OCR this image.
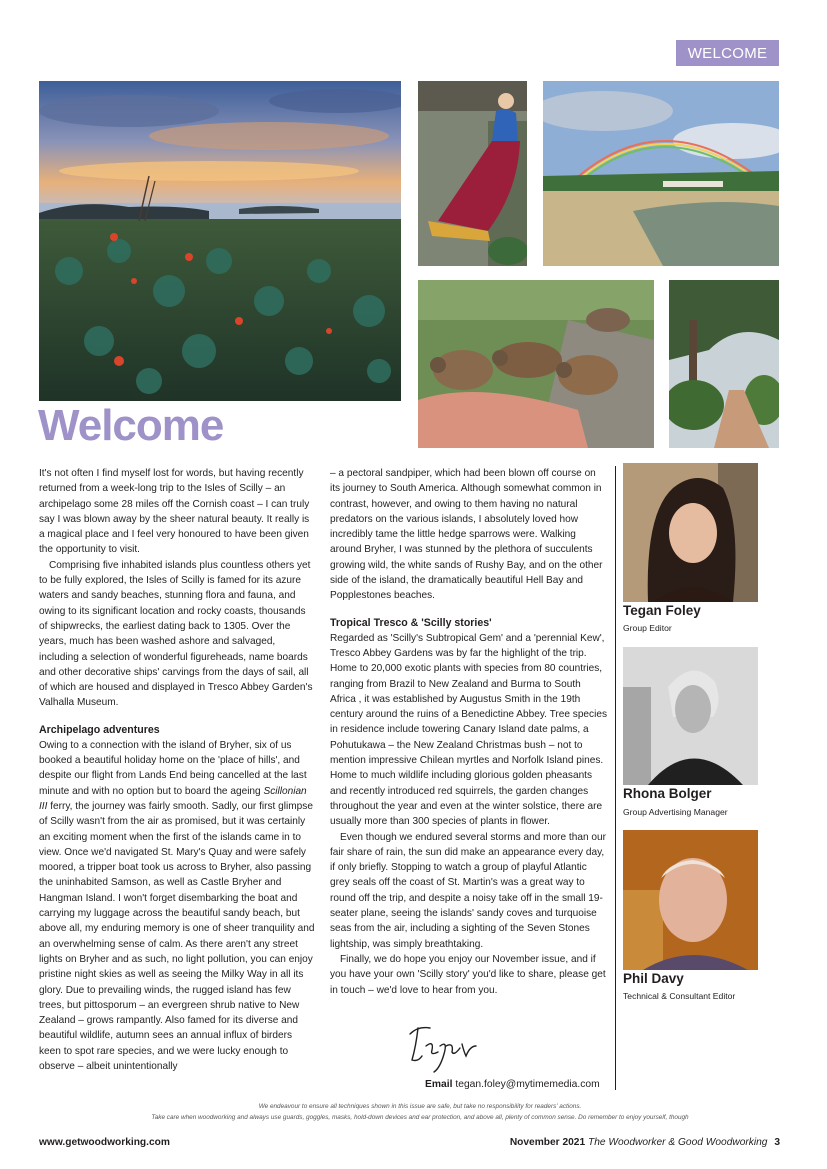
WELCOME
Welcome

It's not often I find myself lost for words, but having recently returned from a week-long trip to the Isles of Scilly – an archipelago some 28 miles off the Cornish coast – I can truly say I was blown away by the sheer natural beauty. It really is a magical place and I feel very honoured to have been given the opportunity to visit.

Comprising five inhabited islands plus countless others yet to be fully explored, the Isles of Scilly is famed for its azure waters and sandy beaches, stunning flora and fauna, and owing to its significant location and rocky coasts, thousands of shipwrecks, the earliest dating back to 1305. Over the years, much has been washed ashore and salvaged, including a selection of wonderful figureheads, name boards and other decorative ships' carvings from the days of sail, all of which are housed and displayed in Tresco Abbey Garden's Valhalla Museum.

Archipelago adventures

Owing to a connection with the island of Bryher, six of us booked a beautiful holiday home on the 'place of hills', and despite our flight from Lands End being cancelled at the last minute and with no option but to board the ageing Scillonian III ferry, the journey was fairly smooth. Sadly, our first glimpse of Scilly wasn't from the air as promised, but it was certainly an exciting moment when the first of the islands came in to view. Once we'd navigated St. Mary's Quay and were safely moored, a tripper boat took us across to Bryher, also passing the uninhabited Samson, as well as Castle Bryher and Hangman Island. I won't forget disembarking the boat and carrying my luggage across the beautiful sandy beach, but above all, my enduring memory is one of sheer tranquility and an overwhelming sense of calm. As there aren't any street lights on Bryher and as such, no light pollution, you can enjoy pristine night skies as well as seeing the Milky Way in all its glory. Due to prevailing winds, the rugged island has few trees, but pittosporum – an evergreen shrub native to New Zealand – grows rampantly. Also famed for its diverse and beautiful wildlife, autumn sees an annual influx of birders keen to spot rare species, and we were lucky enough to observe – albeit unintentionally

– a pectoral sandpiper, which had been blown off course on its journey to South America. Although somewhat common in contrast, however, and owing to them having no natural predators on the various islands, I absolutely loved how incredibly tame the little hedge sparrows were. Walking around Bryher, I was stunned by the plethora of succulents growing wild, the white sands of Rushy Bay, and on the other side of the island, the dramatically beautiful Hell Bay and Popplestones beaches.

Tropical Tresco & 'Scilly stories'

Regarded as 'Scilly's Subtropical Gem' and a 'perennial Kew', Tresco Abbey Gardens was by far the highlight of the trip. Home to 20,000 exotic plants with species from 80 countries, ranging from Brazil to New Zealand and Burma to South Africa , it was established by Augustus Smith in the 19th century around the ruins of a Benedictine Abbey. Tree species in residence include towering Canary Island date palms, a Pohutukawa – the New Zealand Christmas bush – not to mention impressive Chilean myrtles and Norfolk Island pines. Home to much wildlife including glorious golden pheasants and recently introduced red squirrels, the garden changes throughout the year and even at the winter solstice, there are usually more than 300 species of plants in flower.

Even though we endured several storms and more than our fair share of rain, the sun did make an appearance every day, if only briefly. Stopping to watch a group of playful Atlantic grey seals off the coast of St. Martin's was a great way to round off the trip, and despite a noisy take off in the small 19-seater plane, seeing the islands' sandy coves and turquoise seas from the air, including a sighting of the Seven Stones lightship, was simply breathtaking.

Finally, we do hope you enjoy our November issue, and if you have your own 'Scilly story' you'd like to share, please get in touch – we'd love to hear from you.

Email tegan.foley@mytimemedia.com
Tegan Foley
Group Editor
Rhona Bolger
Group Advertising Manager
Phil Davy
Technical & Consultant Editor
We endeavour to ensure all techniques shown in this issue are safe, but take no responsibility for readers' actions.
Take care when woodworking and always use guards, goggles, masks, hold-down devices and ear protection, and above all, plenty of common sense. Do remember to enjoy yourself, though
www.getwoodworking.com	November 2021 The Woodworker & Good Woodworking 3
